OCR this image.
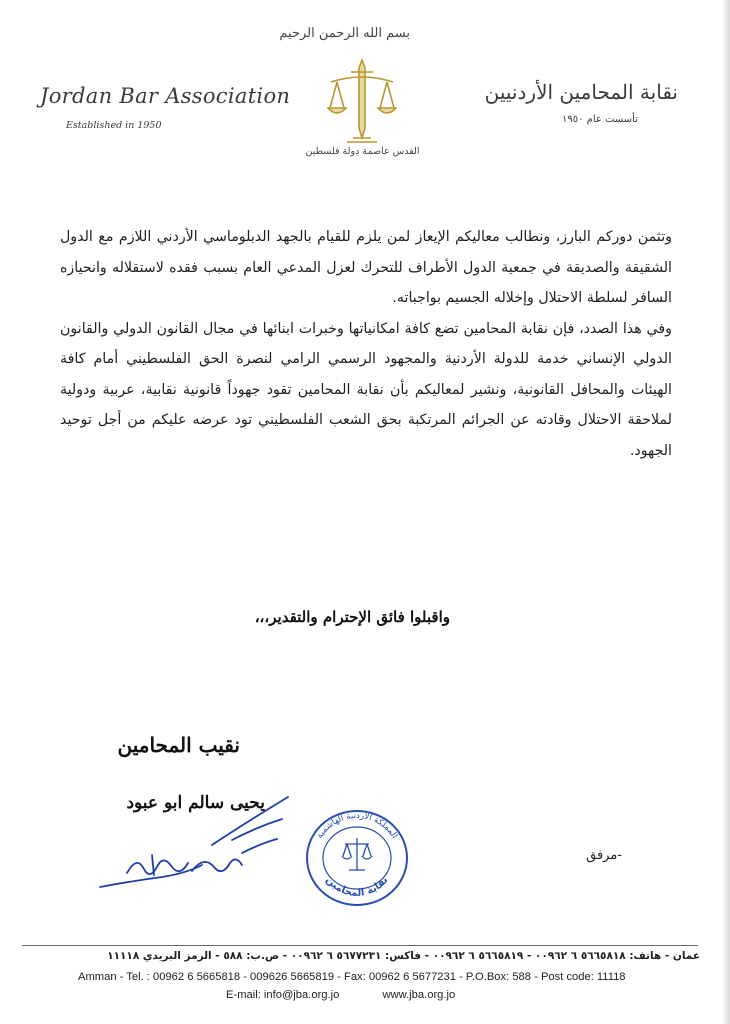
Jordan Bar Association
Established in 1950
بسم الله الرحمن الرحيم
القدس عاصمة دولة فلسطين
نقابة المحامين الأردنيين
تأسست عام ١٩٥٠

وتثمن دوركم البارز، ونطالب معاليكم الإيعاز لمن يلزم للقيام بالجهد الدبلوماسي الأردني اللازم مع الدول الشقيقة والصديقة في جمعية الدول الأطراف للتحرك لعزل المدعي العام بسبب فقده لاستقلاله وانحيازه السافر لسلطة الاحتلال وإخلاله الجسيم بواجباته.

وفي هذا الصدد، فإن نقابة المحامين تضع كافة امكانياتها وخبرات ابنائها في مجال القانون الدولي والقانون الدولي الإنساني خدمة للدولة الأردنية والمجهود الرسمي الرامي لنصرة الحق الفلسطيني أمام كافة الهيئات والمحافل القانونية، ونشير لمعاليكم بأن نقابة المحامين تقود جهوداً قانونية نقابية، عربية ودولية لملاحقة الاحتلال وقادته عن الجرائم المرتكبة بحق الشعب الفلسطيني تود عرضه عليكم من أجل توحيد الجهود.

واقبلوا فائق الإحترام والتقدير،،،
نقيب المحامين
يحيى سالم ابو عبود
المملكة الأردنية الهاشمية
نقابة المحامين
-مرفق
عمان - هاتف: ٥٦٦٥٨١٨ ٦ ٠٠٩٦٢ - ٥٦٦٥٨١٩ ٦ ٠٠٩٦٢ - فاكس: ٥٦٧٧٢٣١ ٦ ٠٠٩٦٢ - ص.ب: ٥٨٨ - الرمز البريدي ١١١١٨
Amman - Tel. : 00962 6 5665818 - 009626 5665819 - Fax: 00962 6 5677231 - P.O.Box: 588 - Post code: 11118
E-mail: info@jba.org.jo	www.jba.org.jo
